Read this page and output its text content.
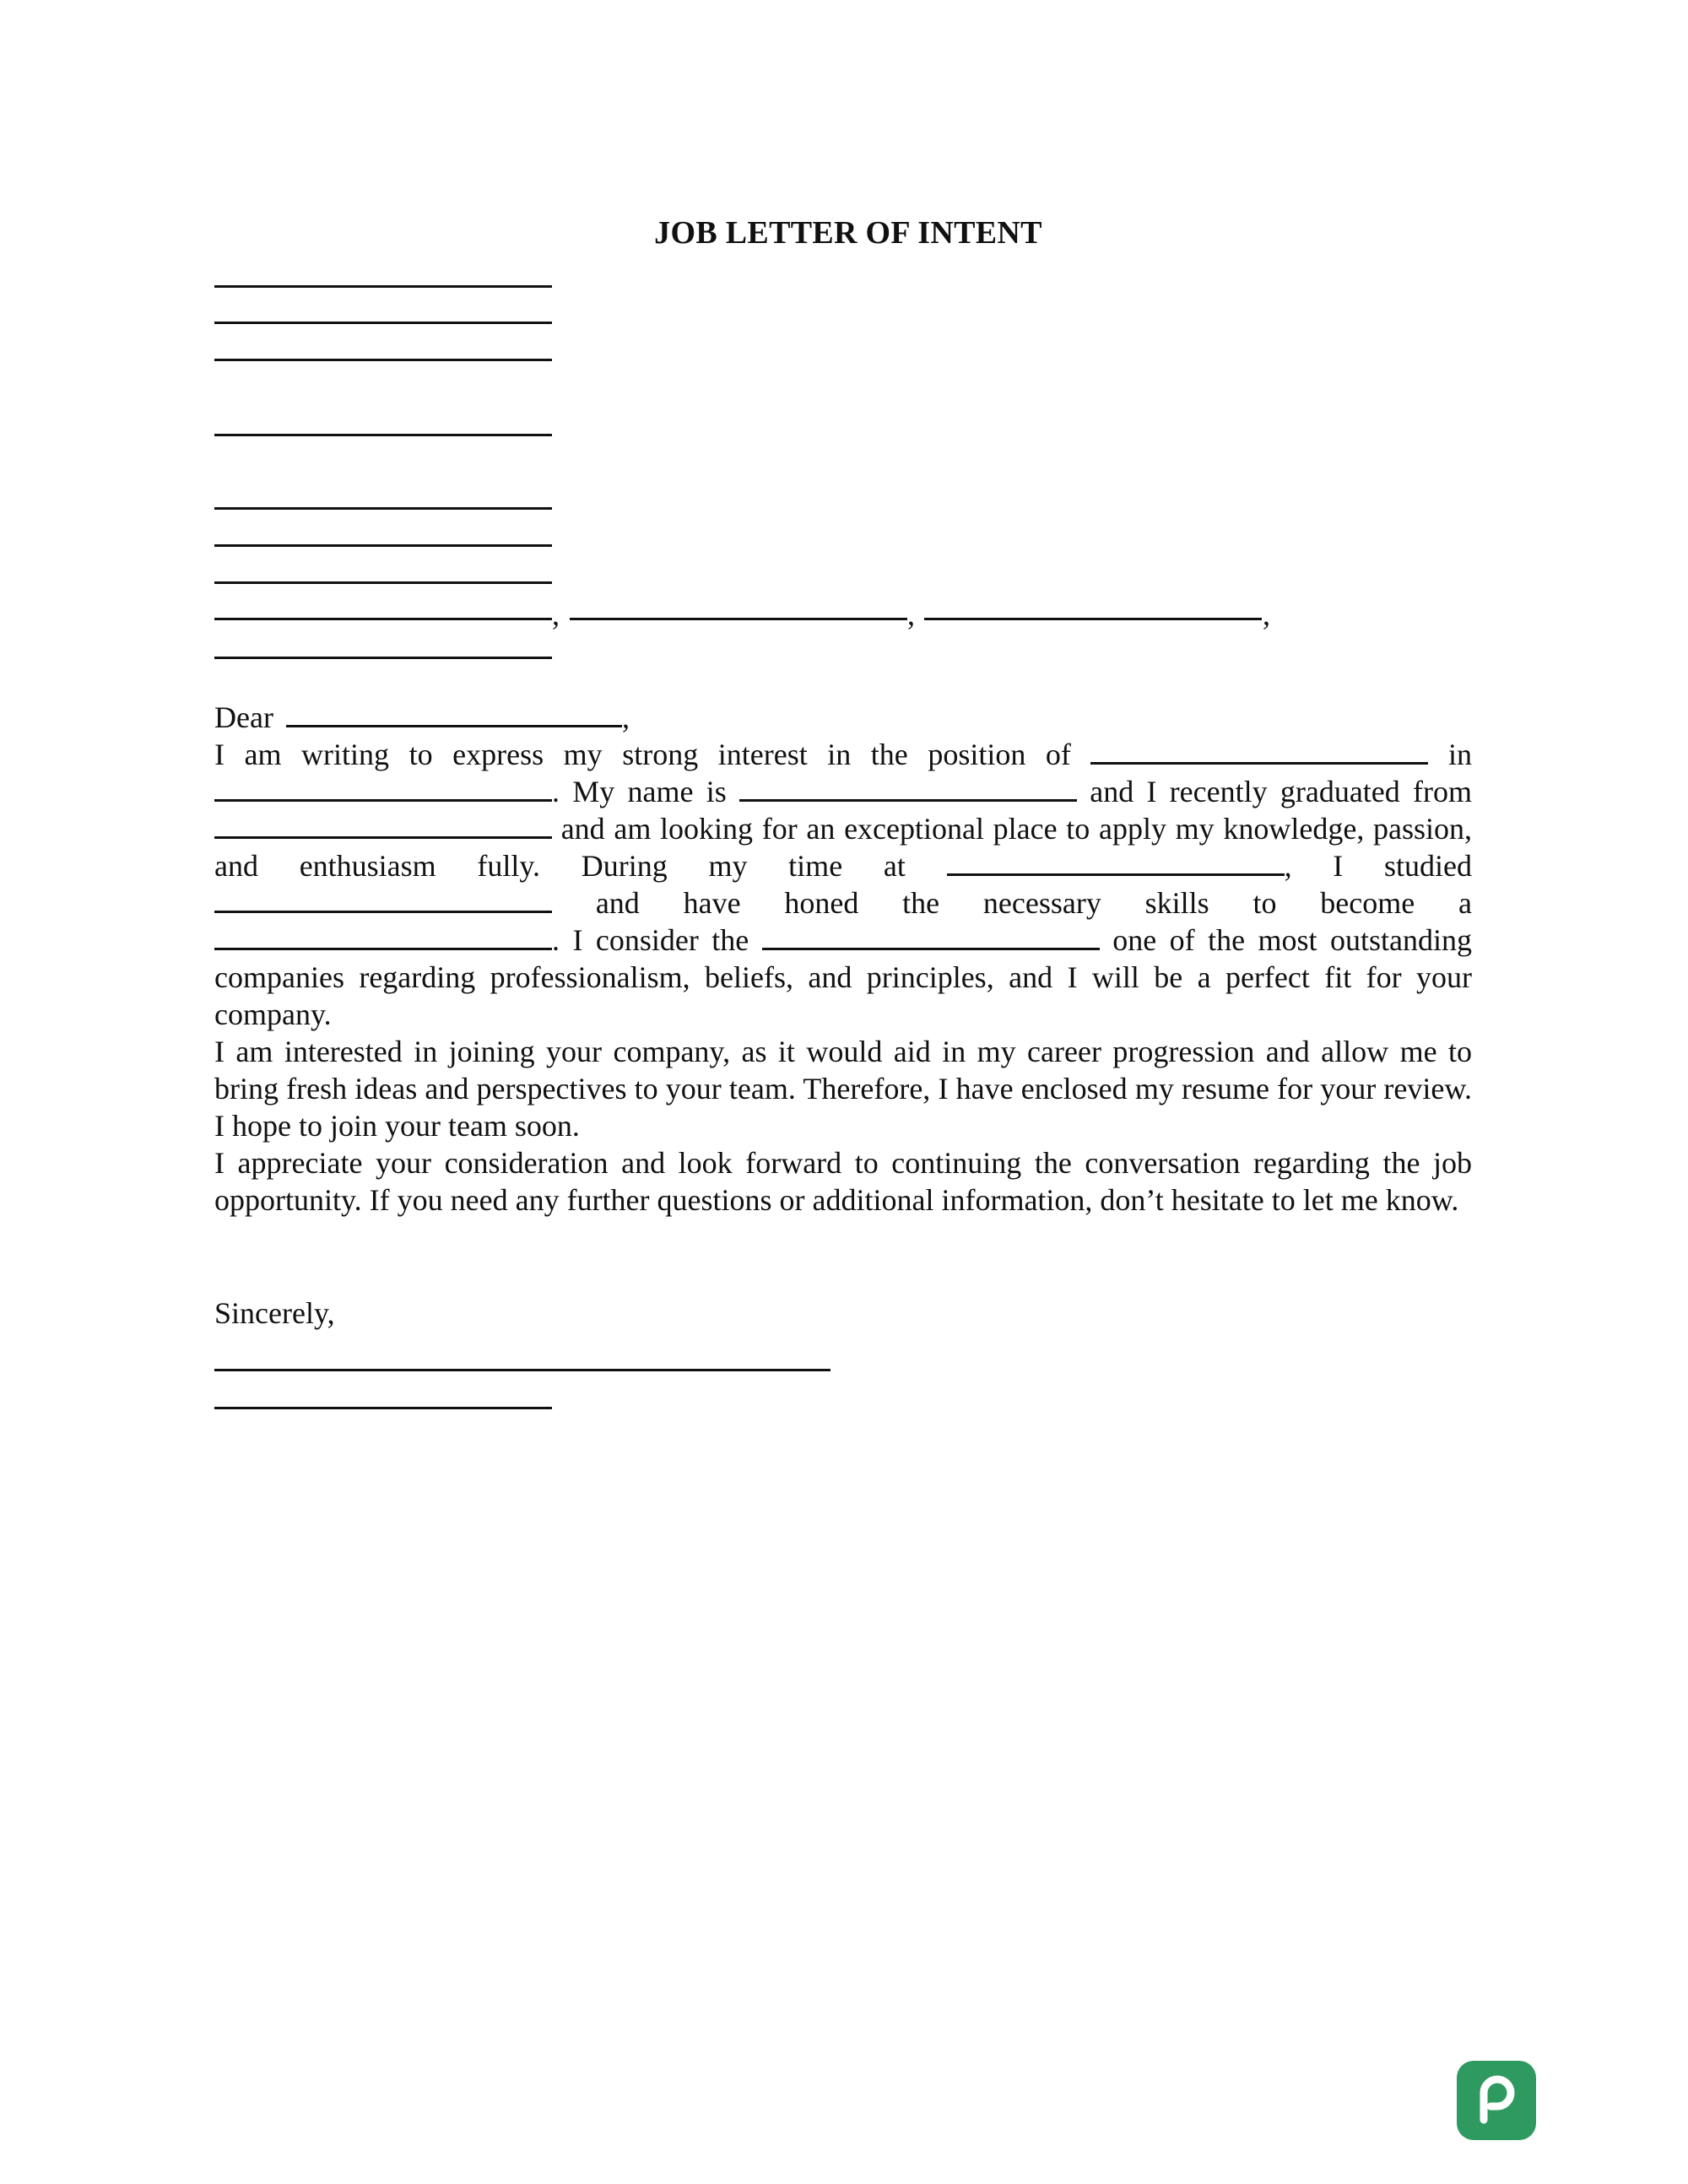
JOB LETTER OF INTENT
,	,	,
Dear	,

I am writing to express my strong interest in the position of	in . My name is	and I recently graduated from  and am looking for an exceptional place to apply my knowledge, passion, and enthusiasm fully. During my time at	, I studied  and have honed the necessary skills to become a . I consider the	one of the most outstanding companies regarding professionalism, beliefs, and principles, and I will be a perfect fit for your company.

I am interested in joining your company, as it would aid in my career progression and allow me to bring fresh ideas and perspectives to your team. Therefore, I have enclosed my resume for your review. I hope to join your team soon.

I appreciate your consideration and look forward to continuing the conversation regarding the job opportunity. If you need any further questions or additional information, don’t hesitate to let me know.

Sincerely,
